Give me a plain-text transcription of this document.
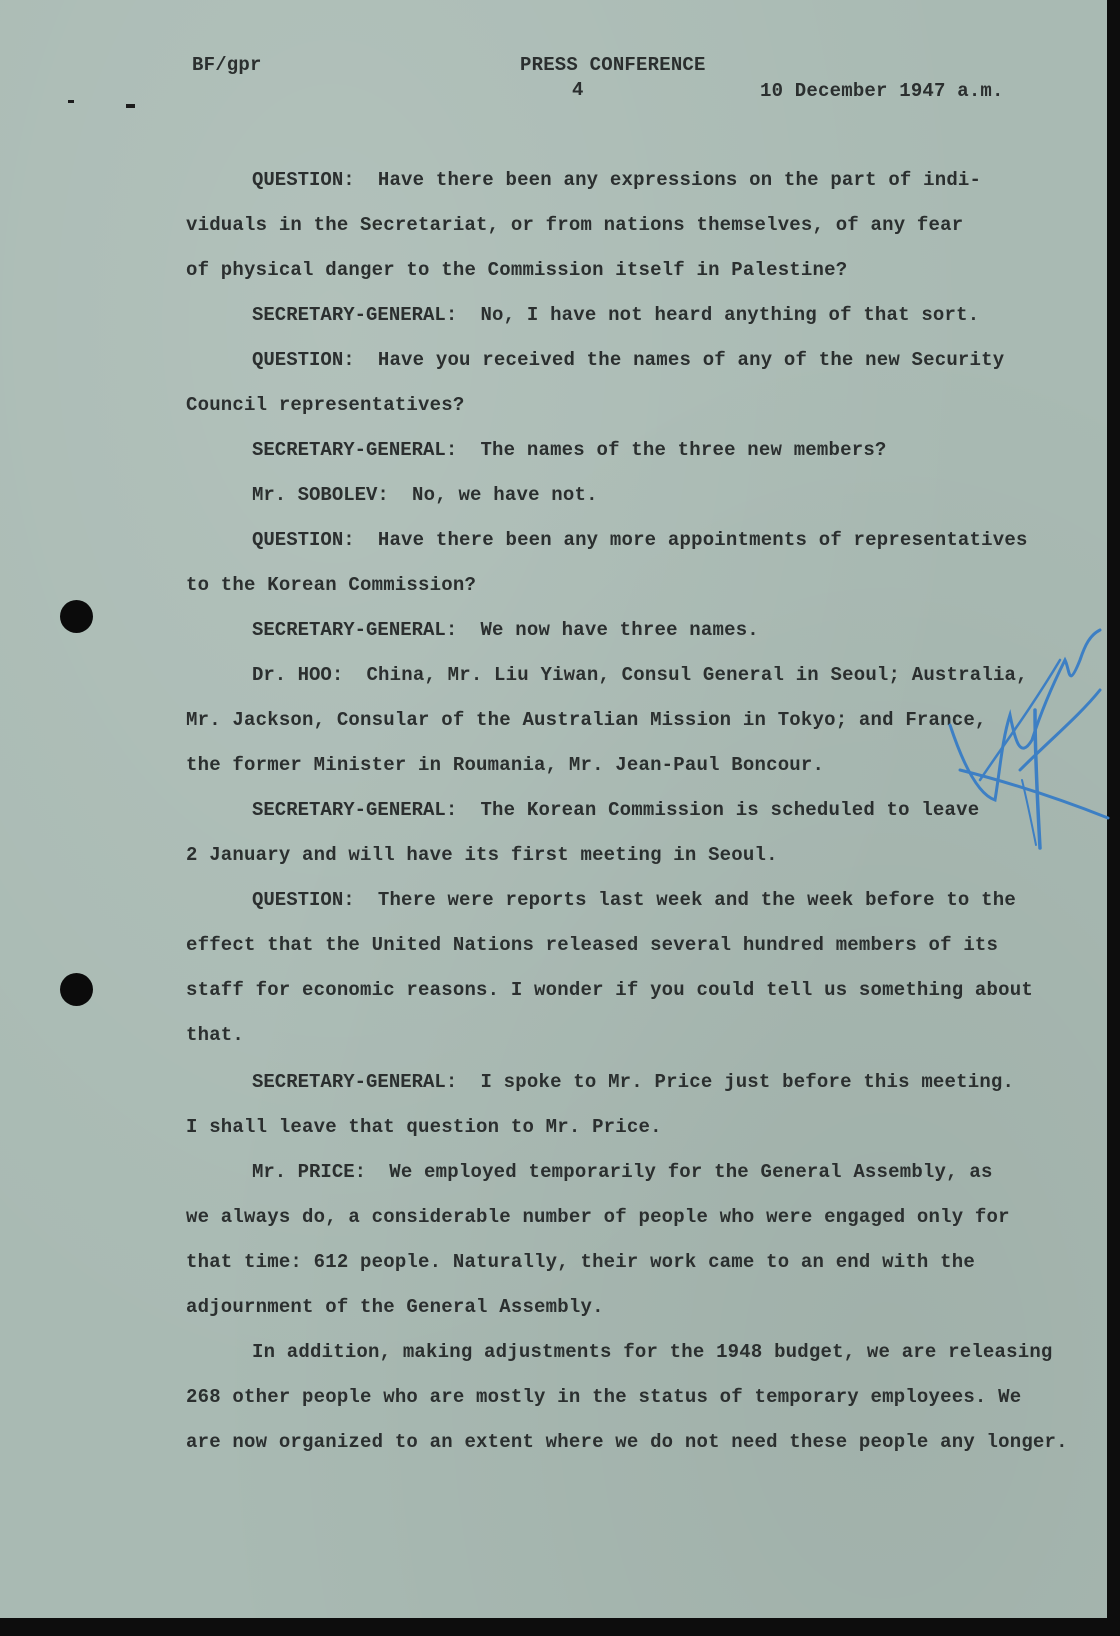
BF/gpr	PRESS CONFERENCE
4	10 December 1947 a.m.
QUESTION: Have there been any expressions on the part of indi-
viduals in the Secretariat, or from nations themselves, of any fear
of physical danger to the Commission itself in Palestine?
SECRETARY-GENERAL: No, I have not heard anything of that sort.
QUESTION: Have you received the names of any of the new Security
Council representatives?
SECRETARY-GENERAL: The names of the three new members?
Mr. SOBOLEV: No, we have not.
QUESTION: Have there been any more appointments of representatives
to the Korean Commission?
SECRETARY-GENERAL: We now have three names.
Dr. HOO: China, Mr. Liu Yiwan, Consul General in Seoul; Australia,
Mr. Jackson, Consular of the Australian Mission in Tokyo; and France,
the former Minister in Roumania, Mr. Jean-Paul Boncour.
SECRETARY-GENERAL: The Korean Commission is scheduled to leave
2 January and will have its first meeting in Seoul.
QUESTION: There were reports last week and the week before to the
effect that the United Nations released several hundred members of its
staff for economic reasons. I wonder if you could tell us something about
that.
SECRETARY-GENERAL: I spoke to Mr. Price just before this meeting.
I shall leave that question to Mr. Price.
Mr. PRICE: We employed temporarily for the General Assembly, as
we always do, a considerable number of people who were engaged only for
that time: 612 people. Naturally, their work came to an end with the
adjournment of the General Assembly.
In addition, making adjustments for the 1948 budget, we are releasing
268 other people who are mostly in the status of temporary employees. We
are now organized to an extent where we do not need these people any longer.
